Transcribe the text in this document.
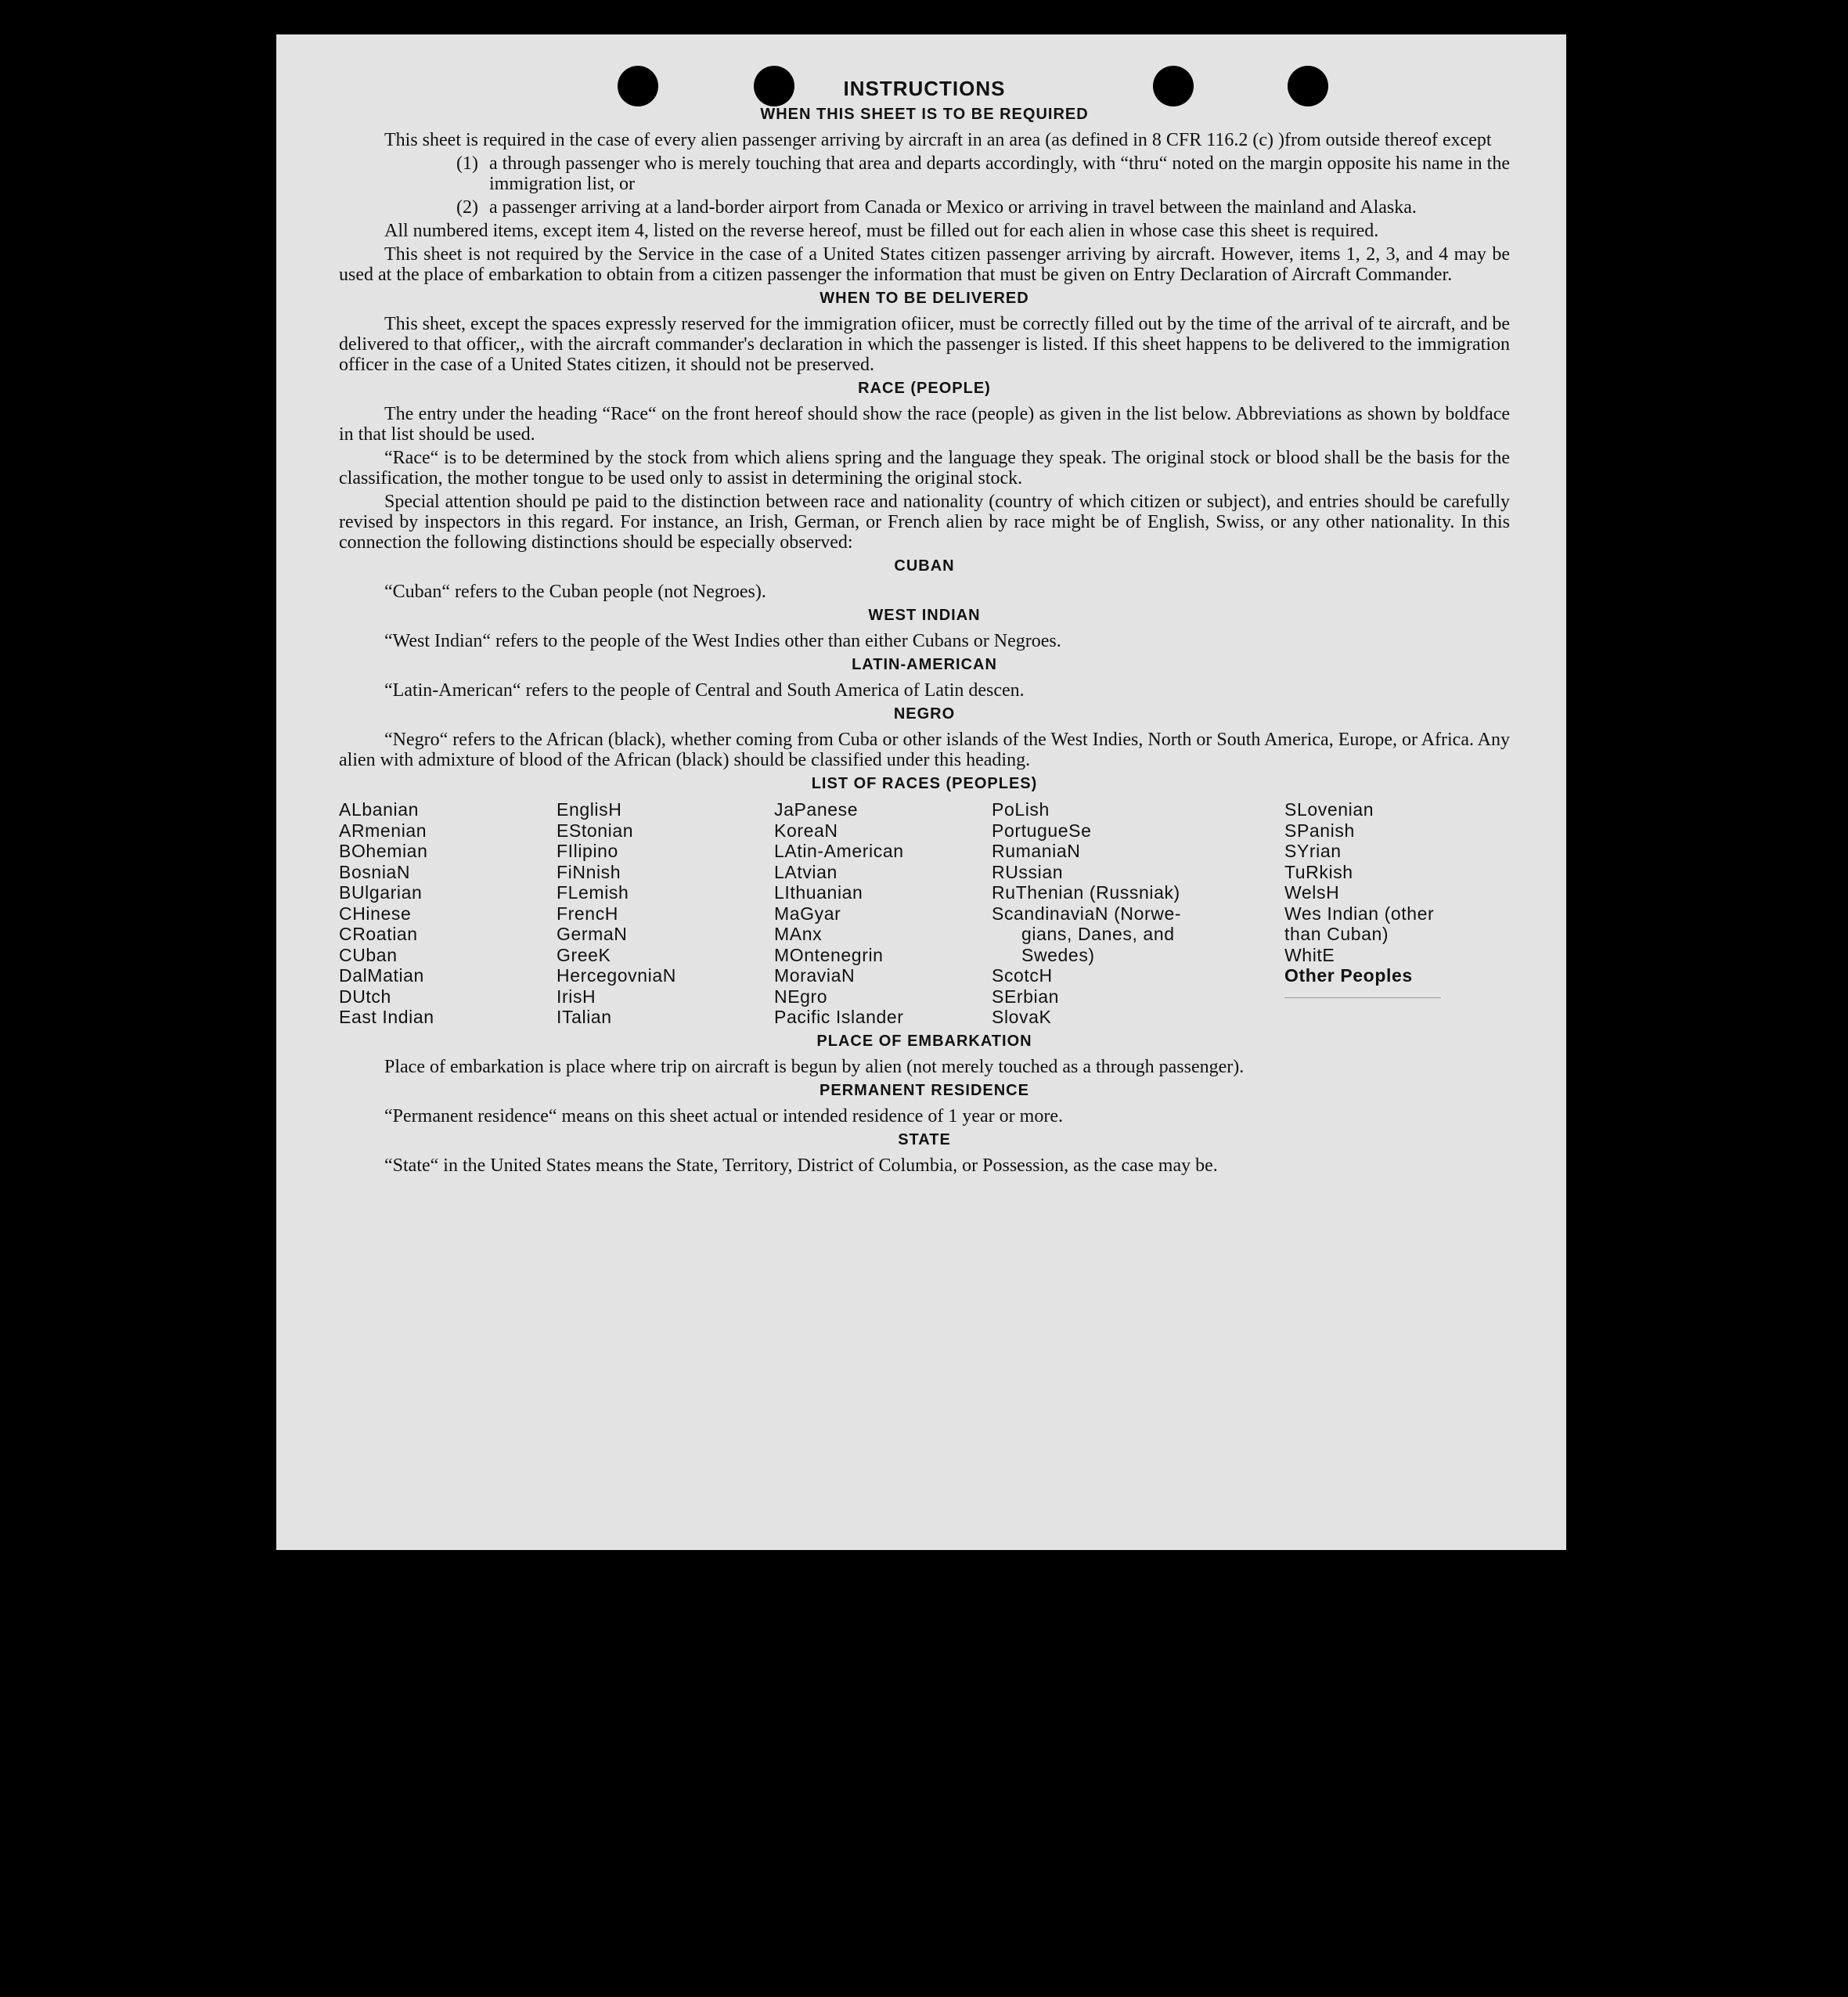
INSTRUCTIONS
WHEN THIS SHEET IS TO BE REQUIRED

This sheet is required in the case of every alien passenger arriving by aircraft in an area (as defined in 8 CFR 116.2 (c) )from outside thereof except

(1) a through passenger who is merely touching that area and departs accordingly, with “thru“ noted on the margin opposite his name in the immigration list, or
(2) a passenger arriving at a land-border airport from Canada or Mexico or arriving in travel between the mainland and Alaska.

All numbered items, except item 4, listed on the reverse hereof, must be filled out for each alien in whose case this sheet is required.

This sheet is not required by the Service in the case of a United States citizen passenger arriving by aircraft. However, items 1, 2, 3, and 4 may be used at the place of embarkation to obtain from a citizen passenger the information that must be given on Entry Declaration of Aircraft Commander.

WHEN TO BE DELIVERED

This sheet, except the spaces expressly reserved for the immigration ofiicer, must be correctly filled out by the time of the arrival of te aircraft, and be delivered to that officer,, with the aircraft commander's declaration in which the passenger is listed. If this sheet happens to be delivered to the immigration officer in the case of a United States citizen, it should not be preserved.

RACE (PEOPLE)

The entry under the heading “Race“ on the front hereof should show the race (people) as given in the list below. Abbreviations as shown by boldface in that list should be used.

“Race“ is to be determined by the stock from which aliens spring and the language they speak. The original stock or blood shall be the basis for the classification, the mother tongue to be used only to assist in determining the original stock.

Special attention should pe paid to the distinction between race and nationality (country of which citizen or subject), and entries should be carefully revised by inspectors in this regard. For instance, an Irish, German, or French alien by race might be of English, Swiss, or any other nationality. In this connection the following distinctions should be especially observed:

CUBAN

“Cuban“ refers to the Cuban people (not Negroes).

WEST INDIAN

“West Indian“ refers to the people of the West Indies other than either Cubans or Negroes.

LATIN-AMERICAN

“Latin-American“ refers to the people of Central and South America of Latin descen.

NEGRO

“Negro“ refers to the African (black), whether coming from Cuba or other islands of the West Indies, North or South America, Europe, or Africa. Any alien with admixture of blood of the African (black) should be classified under this heading.

LIST OF RACES (PEOPLES)
ALbanian
ARmenian
BOhemian
BosniaN
BUlgarian
CHinese
CRoatian
CUban
DalMatian
DUtch
East Indian
EnglisH
EStonian
FIlipino
FiNnish
FLemish
FrencH
GermaN
GreeK
HercegovniaN
IrisH
ITalian
JaPanese
KoreaN
LAtin-American
LAtvian
LIthuanian
MaGyar
MAnx
MOntenegrin
MoraviaN
NEgro
Pacific Islander
PoLish
PortugueSe
RumaniaN
RUssian
RuThenian (Russniak)
ScandinaviaN (Norwe-
gians, Danes, and
Swedes)
ScotcH
SErbian
SlovaK
SLovenian
SPanish
SYrian
TuRkish
WelsH
Wes Indian (other
than Cuban)
WhitE
Other Peoples
PLACE OF EMBARKATION

Place of embarkation is place where trip on aircraft is begun by alien (not merely touched as a through passenger).

PERMANENT RESIDENCE

“Permanent residence“ means on this sheet actual or intended residence of 1 year or more.

STATE

“State“ in the United States means the State, Territory, District of Columbia, or Possession, as the case may be.
